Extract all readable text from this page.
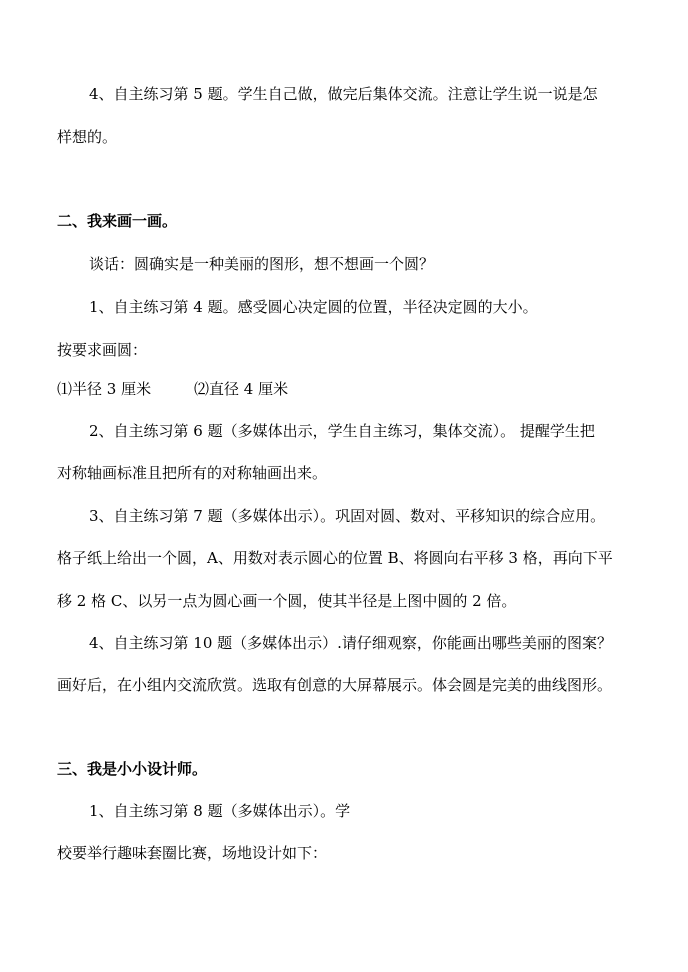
4、自主练习第 5 题。学生自己做，做完后集体交流。注意让学生说一说是怎
样想的。
二、我来画一画。
谈话：圆确实是一种美丽的图形，想不想画一个圆？
1、自主练习第 4 题。感受圆心决定圆的位置，半径决定圆的大小。
按要求画圆：
⑴半径 3 厘米         ⑵直径 4 厘米
2、自主练习第 6 题（多媒体出示，学生自主练习，集体交流）。 提醒学生把
对称轴画标准且把所有的对称轴画出来。
3、自主练习第 7 题（多媒体出示）。巩固对圆、数对、平移知识的综合应用。
格子纸上给出一个圆，A、用数对表示圆心的位置 B、将圆向右平移 3 格，再向下平
移 2 格 C、以另一点为圆心画一个圆，使其半径是上图中圆的 2 倍。
4、自主练习第 10 题（多媒体出示）.请仔细观察，你能画出哪些美丽的图案？
画好后，在小组内交流欣赏。选取有创意的大屏幕展示。体会圆是完美的曲线图形。
三、我是小小设计师。
1、自主练习第 8 题（多媒体出示）。学
校要举行趣味套圈比赛，场地设计如下：
